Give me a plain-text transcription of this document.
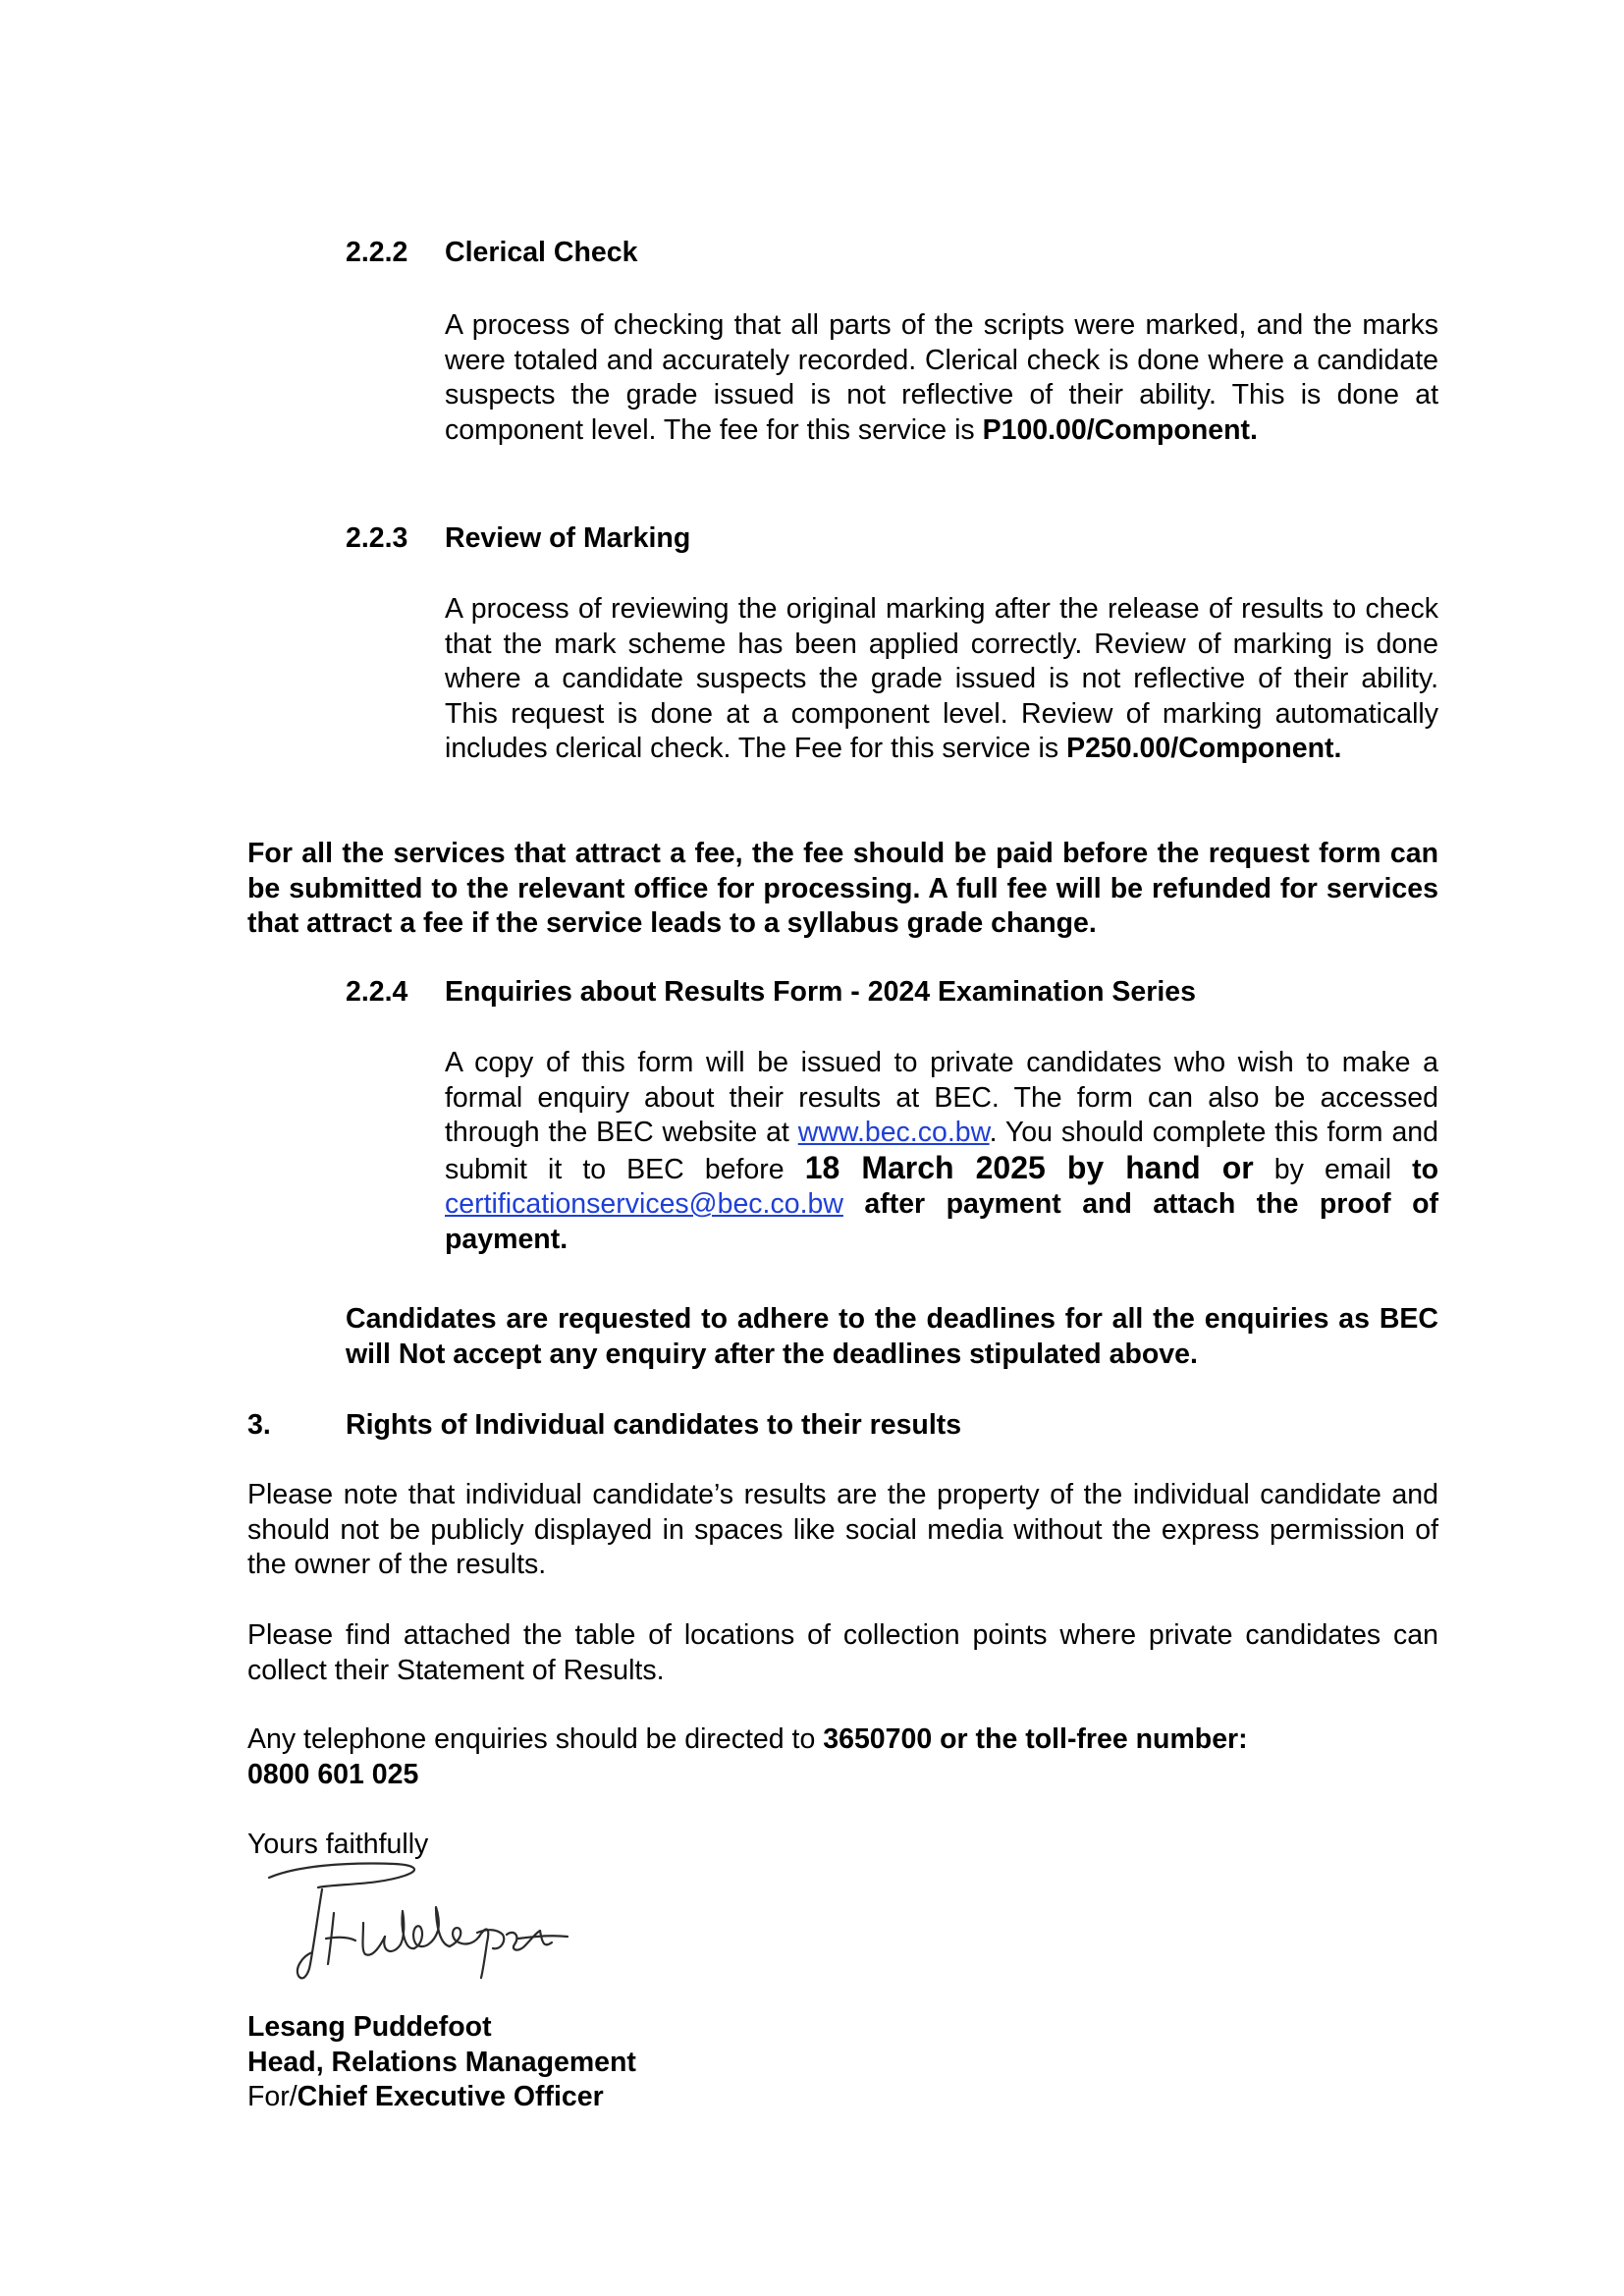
2.2.2 Clerical Check

A process of checking that all parts of the scripts were marked, and the marks were totaled and accurately recorded. Clerical check is done where a candidate suspects the grade issued is not reflective of their ability. This is done at component level. The fee for this service is P100.00/Component.

2.2.3 Review of Marking

A process of reviewing the original marking after the release of results to check that the mark scheme has been applied correctly. Review of marking is done where a candidate suspects the grade issued is not reflective of their ability. This request is done at a component level. Review of marking automatically includes clerical check. The Fee for this service is P250.00/Component.

For all the services that attract a fee, the fee should be paid before the request form can be submitted to the relevant office for processing. A full fee will be refunded for services that attract a fee if the service leads to a syllabus grade change.
2.2.4 Enquiries about Results Form - 2024 Examination Series

A copy of this form will be issued to private candidates who wish to make a formal enquiry about their results at BEC. The form can also be accessed through the BEC website at www.bec.co.bw. You should complete this form and submit it to BEC before 18 March 2025 by hand or by email to certificationservices@bec.co.bw after payment and attach the proof of payment.

Candidates are requested to adhere to the deadlines for all the enquiries as BEC will Not accept any enquiry after the deadlines stipulated above.
3.	Rights of Individual candidates to their results
Please note that individual candidate’s results are the property of the individual candidate and should not be publicly displayed in spaces like social media without the express permission of the owner of the results.
Please find attached the table of locations of collection points where private candidates can collect their Statement of Results.
Any telephone enquiries should be directed to 3650700 or the toll-free number:
0800 601 025
Yours faithfully
Lesang Puddefoot
Head, Relations Management
For/Chief Executive Officer
